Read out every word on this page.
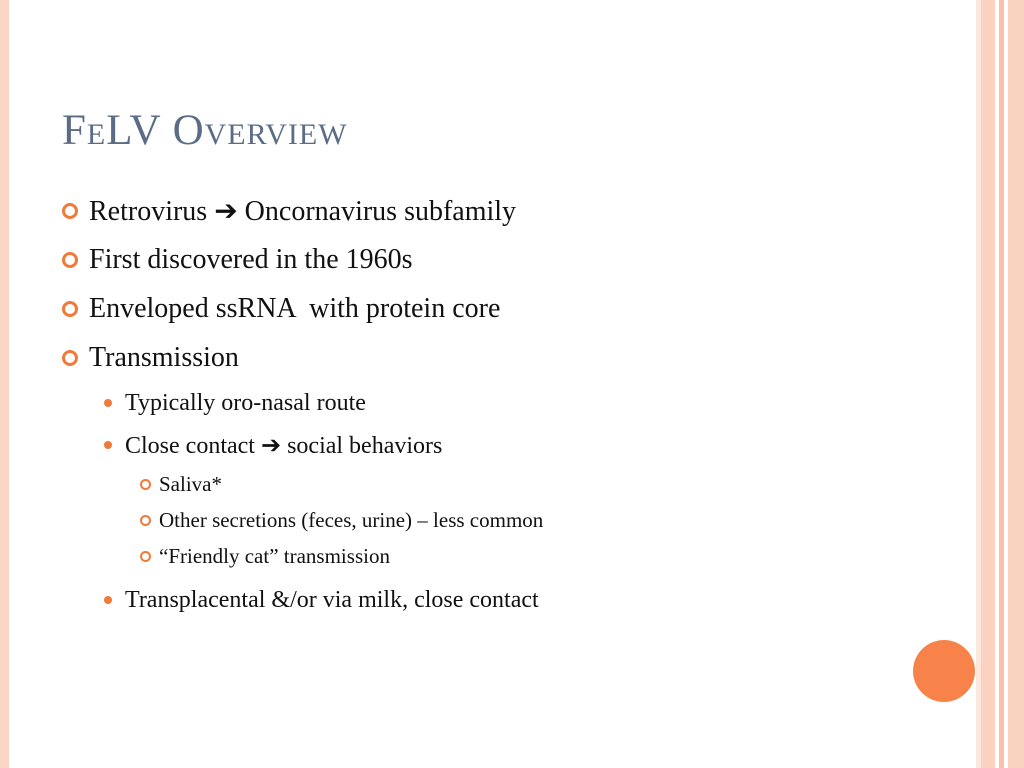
FeLV Overview
Retrovirus ➔ Oncornavirus subfamily
First discovered in the 1960s
Enveloped ssRNA  with protein core
Transmission
Typically oro-nasal route
Close contact ➔ social behaviors
Saliva*
Other secretions (feces, urine) – less common
“Friendly cat” transmission
Transplacental &/or via milk, close contact
